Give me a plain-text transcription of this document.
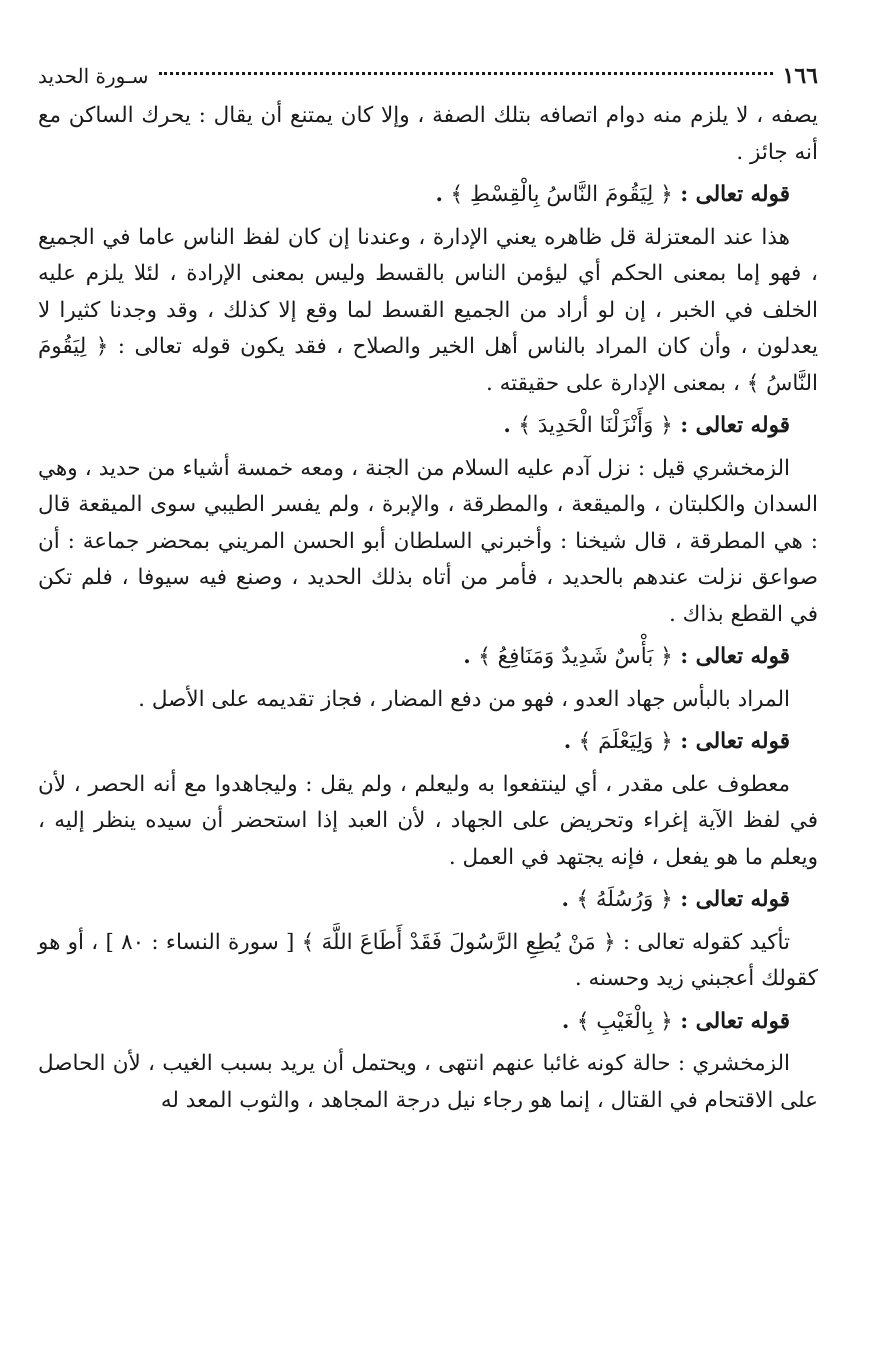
١٦٦
سـورة الحديد

يصفه ، لا يلزم منه دوام اتصافه بتلك الصفة ، وإلا كان يمتنع أن يقال : يحرك الساكن مع أنه جائز .

قوله تعالى : ﴿ لِيَقُومَ النَّاسُ بِالْقِسْطِ ﴾ .

هذا عند المعتزلة قل ظاهره يعني الإدارة ، وعندنا إن كان لفظ الناس عاما في الجميع ، فهو إما بمعنى الحكم أي ليؤمن الناس بالقسط وليس بمعنى الإرادة ، لئلا يلزم عليه الخلف في الخبر ، إن لو أراد من الجميع القسط لما وقع إلا كذلك ، وقد وجدنا كثيرا لا يعدلون ، وأن كان المراد بالناس أهل الخير والصلاح ، فقد يكون قوله تعالى : ﴿ لِيَقُومَ النَّاسُ ﴾ ، بمعنى الإدارة على حقيقته .

قوله تعالى : ﴿ وَأَنْزَلْنَا الْحَدِيدَ ﴾ .

الزمخشري قيل : نزل آدم عليه السلام من الجنة ، ومعه خمسة أشياء من حديد ، وهي السدان والكلبتان ، والميقعة ، والمطرقة ، والإبرة ، ولم يفسر الطيبي سوى الميقعة قال : هي المطرقة ، قال شيخنا : وأخبرني السلطان أبو الحسن المريني بمحضر جماعة : أن صواعق نزلت عندهم بالحديد ، فأمر من أتاه بذلك الحديد ، وصنع فيه سيوفا ، فلم تكن في القطع بذاك .

قوله تعالى : ﴿ بَأْسٌ شَدِيدٌ وَمَنَافِعُ ﴾ .

المراد بالبأس جهاد العدو ، فهو من دفع المضار ، فجاز تقديمه على الأصل .

قوله تعالى : ﴿ وَلِيَعْلَمَ ﴾ .

معطوف على مقدر ، أي لينتفعوا به وليعلم ، ولم يقل : وليجاهدوا مع أنه الحصر ، لأن في لفظ الآية إغراء وتحريض على الجهاد ، لأن العبد إذا استحضر أن سيده ينظر إليه ، ويعلم ما هو يفعل ، فإنه يجتهد في العمل .

قوله تعالى : ﴿ وَرُسُلَهُ ﴾ .

تأكيد كقوله تعالى : ﴿ مَنْ يُطِعِ الرَّسُولَ فَقَدْ أَطَاعَ اللَّهَ ﴾ [ سورة النساء : ٨٠ ] ، أو هو كقولك أعجبني زيد وحسنه .

قوله تعالى : ﴿ بِالْغَيْبِ ﴾ .

الزمخشري : حالة كونه غائبا عنهم انتهى ، ويحتمل أن يريد بسبب الغيب ، لأن الحاصل على الاقتحام في القتال ، إنما هو رجاء نيل درجة المجاهد ، والثوب المعد له
